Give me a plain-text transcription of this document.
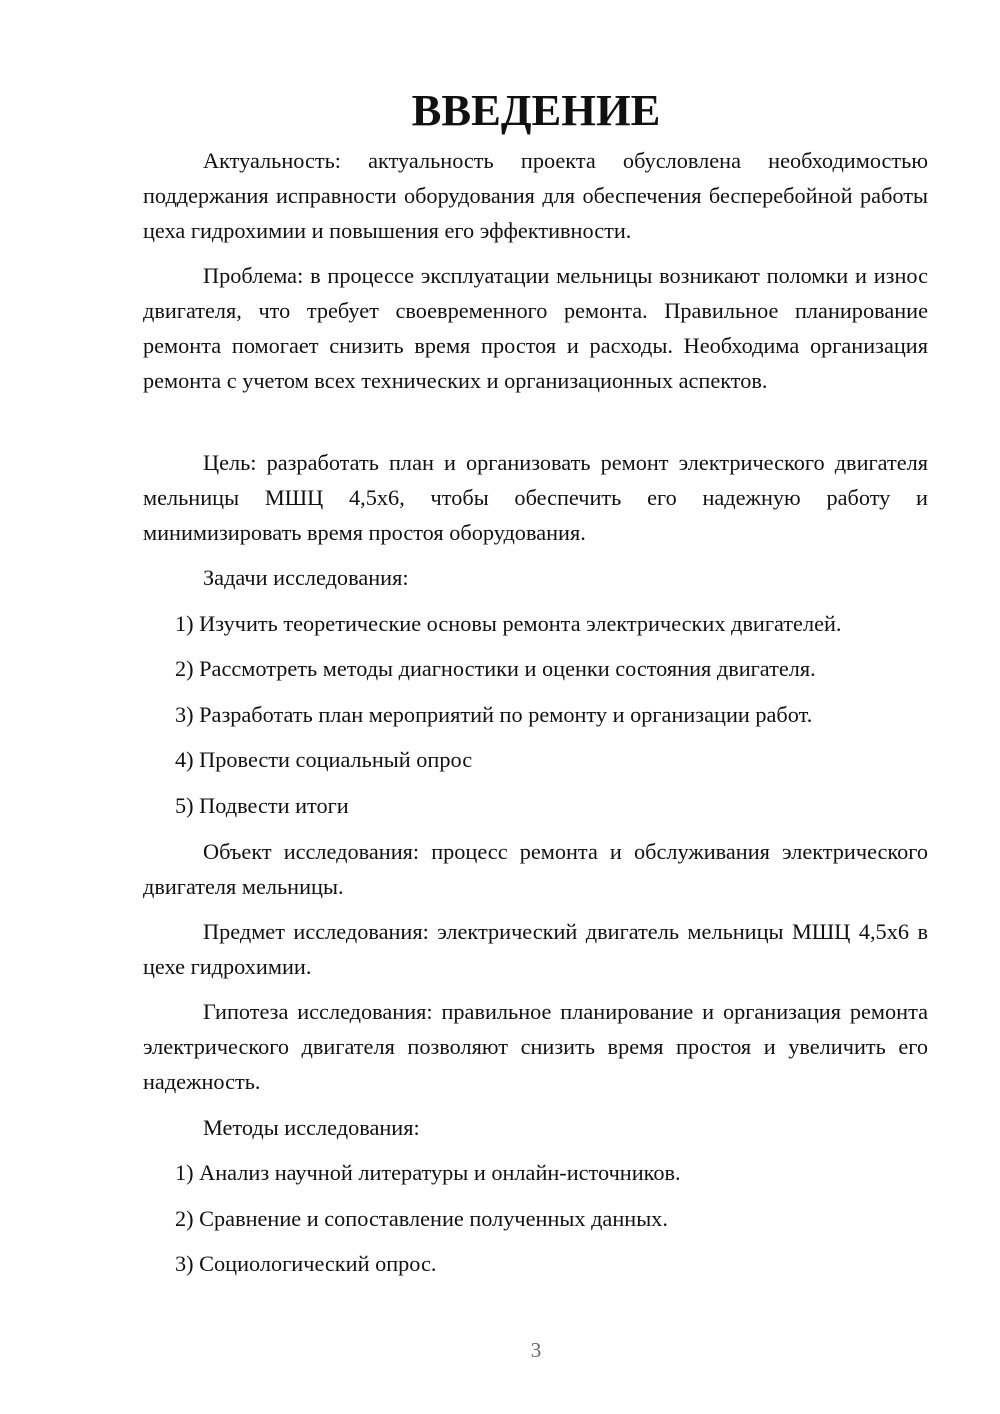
ВВЕДЕНИЕ

Актуальность: актуальность проекта обусловлена необходимостью поддержания исправности оборудования для обеспечения бесперебойной работы цеха гидрохимии и повышения его эффективности.

Проблема: в процессе эксплуатации мельницы возникают поломки и износ двигателя, что требует своевременного ремонта. Правильное планирование ремонта помогает снизить время простоя и расходы. Необходима организация ремонта с учетом всех технических и организационных аспектов.

Цель: разработать план и организовать ремонт электрического двигателя мельницы МШЦ 4,5х6, чтобы обеспечить его надежную работу и минимизировать время простоя оборудования.

Задачи исследования:

1) Изучить теоретические основы ремонта электрических двигателей.

2) Рассмотреть методы диагностики и оценки состояния двигателя.

3) Разработать план мероприятий по ремонту и организации работ.

4) Провести социальный опрос

5) Подвести итоги

Объект исследования: процесс ремонта и обслуживания электрического двигателя мельницы.

Предмет исследования: электрический двигатель мельницы МШЦ 4,5х6 в цехе гидрохимии.

Гипотеза исследования: правильное планирование и организация ремонта электрического двигателя позволяют снизить время простоя и увеличить его надежность.

Методы исследования:

1) Анализ научной литературы и онлайн-источников.

2) Сравнение и сопоставление полученных данных.

3) Социологический опрос.

3
